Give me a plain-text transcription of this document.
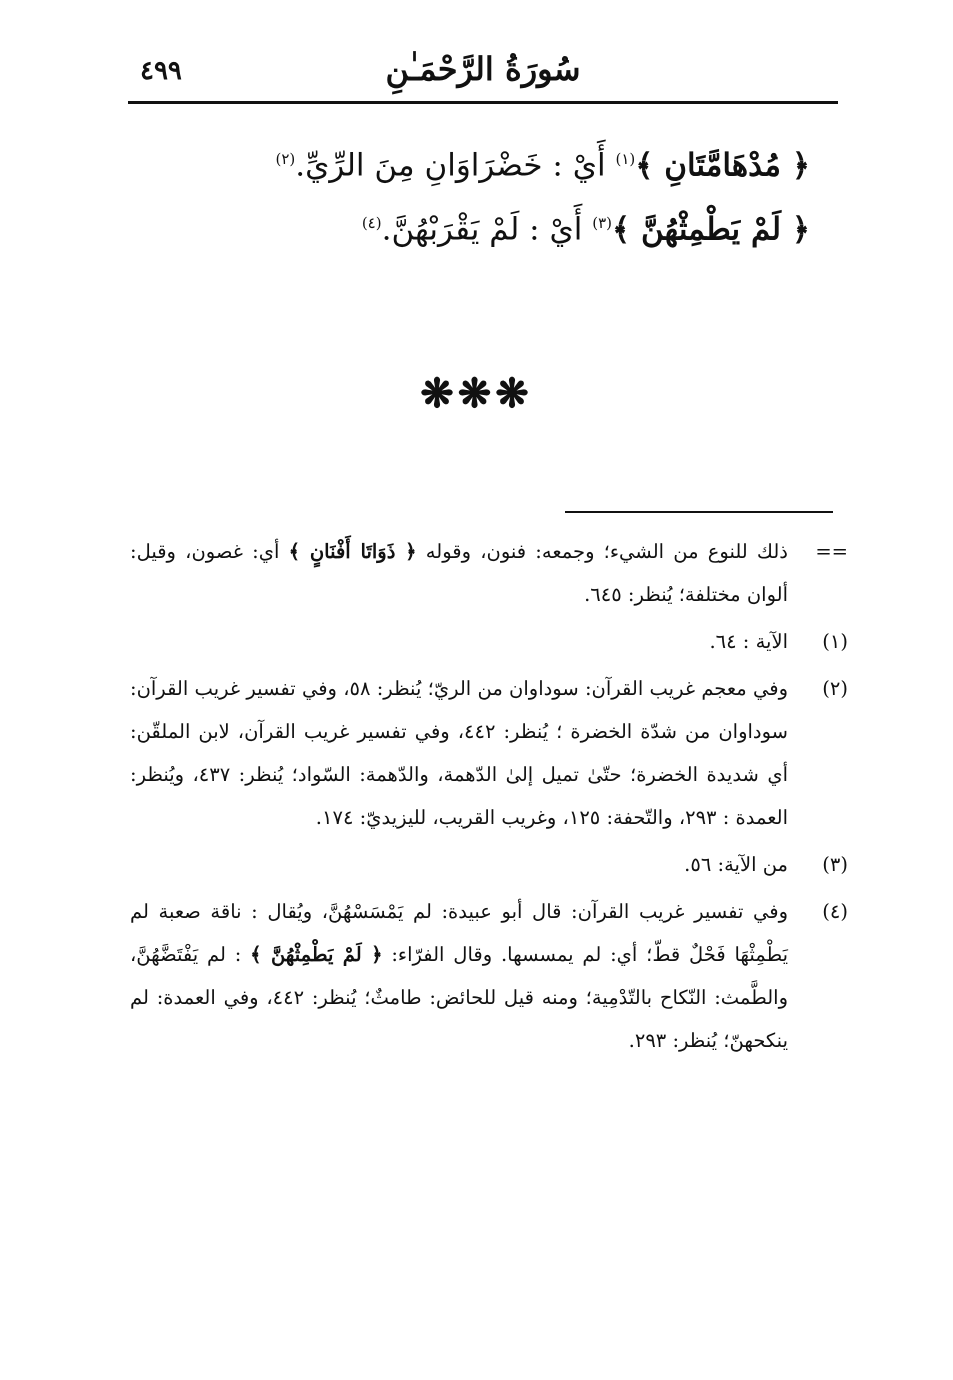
سُورَةُ الرَّحْمَـٰنِ
٤٩٩
﴿ مُدْهَامَّتَانِ ﴾$^{(١)}$ أَيْ : خَضْرَاوَانِ مِنَ الرِّيِّ.$^{(٢)}$
﴿ لَمْ يَطْمِثْهُنَّ ﴾$^{(٣)}$ أَيْ : لَمْ يَقْرَبْهُنَّ.$^{(٤)}$
❋❋❋
==
ذلك للنوع من الشيء؛ وجمعه: فنون، وقوله ﴿ ذَوَاتَا أَفْنَانٍ ﴾ أي: غصون، وقيل: ألوان مختلفة؛ يُنظر: ٦٤٥.
(١)
الآية : ٦٤.
(٢)
وفي معجم غريب القرآن: سوداوان من الريّ؛ يُنظر: ٥٨، وفي تفسير غريب القرآن: سوداوان من شدّة الخضرة ؛ يُنظر: ٤٤٢، وفي تفسير غريب القرآن، لابن الملقّن: أي شديدة الخضرة؛ حتّىٰ تميل إلىٰ الدّهمة، والدّهمة: السّواد؛ يُنظر: ٤٣٧، ويُنظر: العمدة : ٢٩٣، والتّحفة: ١٢٥، وغريب القريب، لليزيديّ: ١٧٤.
(٣)
من الآية: ٥٦.
(٤)
وفي تفسير غريب القرآن: قال أبو عبيدة: لم يَمْسَسْهُنَّ، ويُقال : ناقة صعبة لم يَطْمِثْهَا فَحْلٌ قطّ؛ أي: لم يمسسها. وقال الفرّاء: ﴿ لَمْ يَطْمِثْهُنَّ ﴾ : لم يَفْتَضَّهُنَّ، والطَّمث: النّكاح بالتّدْمِية؛ ومنه قيل للحائض: طامثٌ؛ يُنظر: ٤٤٢، وفي العمدة: لم ينكحهنّ؛ يُنظر: ٢٩٣.
